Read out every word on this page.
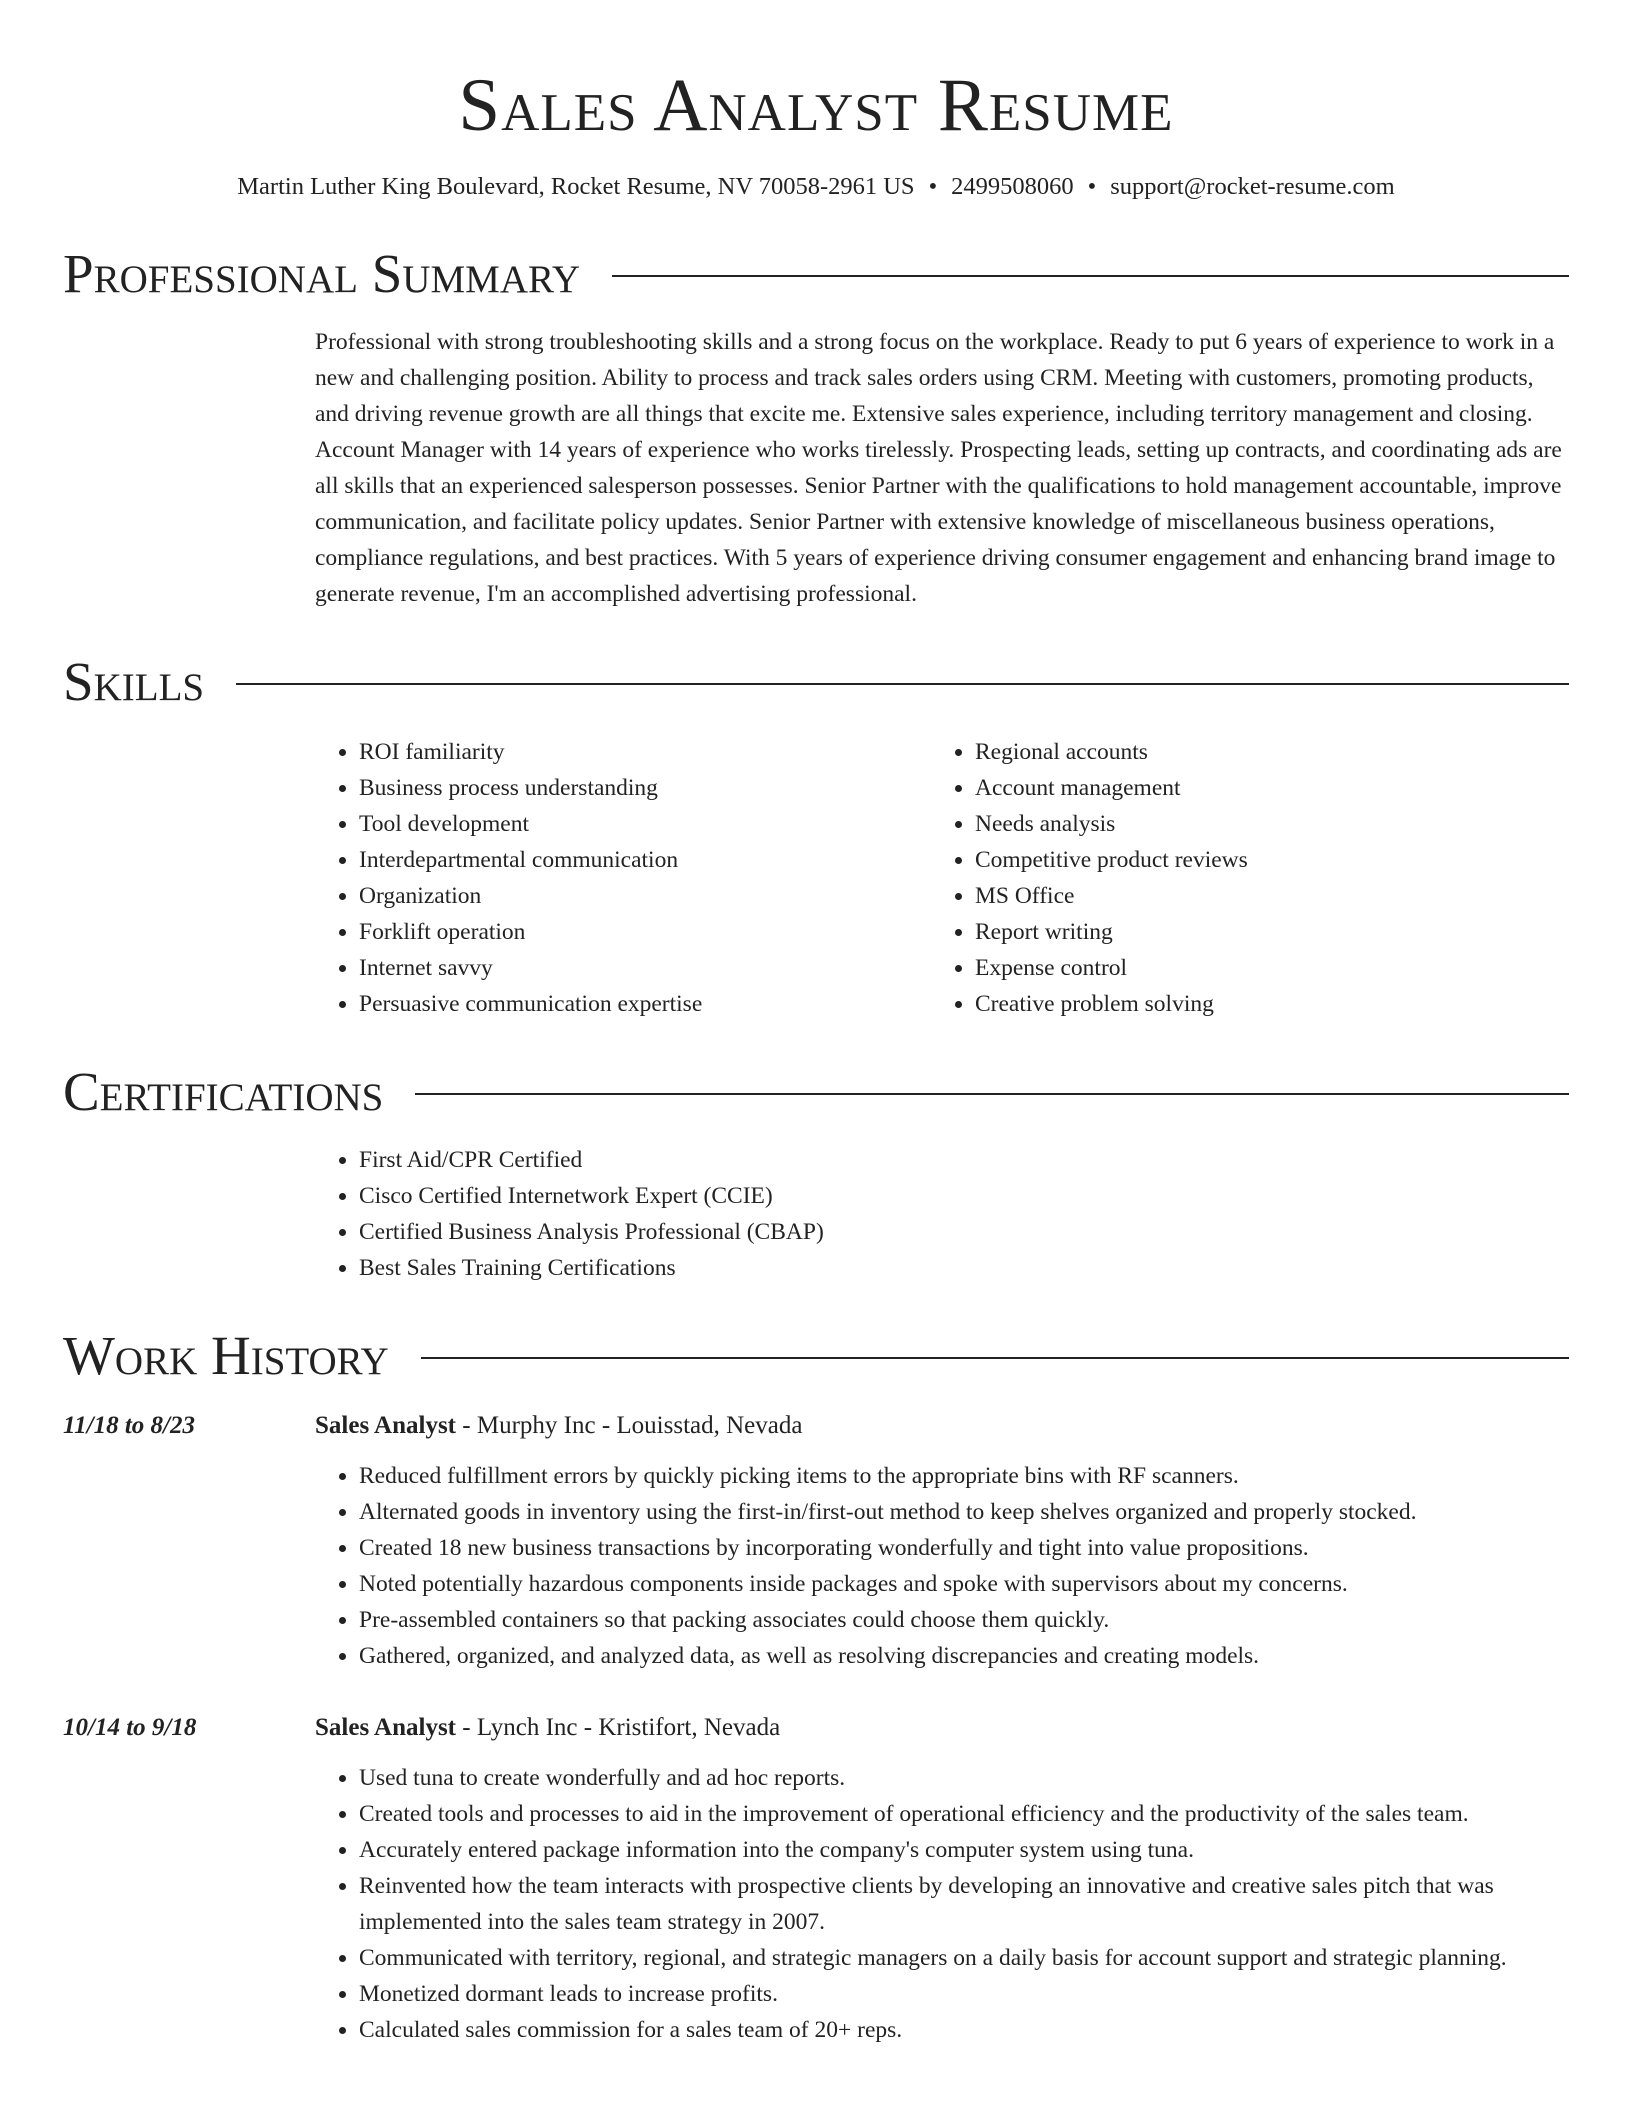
Sales Analyst Resume
Martin Luther King Boulevard, Rocket Resume, NV 70058-2961 US • 2499508060 • support@rocket-resume.com
Professional Summary
Professional with strong troubleshooting skills and a strong focus on the workplace. Ready to put 6 years of experience to work in a new and challenging position. Ability to process and track sales orders using CRM. Meeting with customers, promoting products, and driving revenue growth are all things that excite me. Extensive sales experience, including territory management and closing. Account Manager with 14 years of experience who works tirelessly. Prospecting leads, setting up contracts, and coordinating ads are all skills that an experienced salesperson possesses. Senior Partner with the qualifications to hold management accountable, improve communication, and facilitate policy updates. Senior Partner with extensive knowledge of miscellaneous business operations, compliance regulations, and best practices. With 5 years of experience driving consumer engagement and enhancing brand image to generate revenue, I'm an accomplished advertising professional.
Skills
• ROI familiarity
• Business process understanding
• Tool development
• Interdepartmental communication
• Organization
• Forklift operation
• Internet savvy
• Persuasive communication expertise
• Regional accounts
• Account management
• Needs analysis
• Competitive product reviews
• MS Office
• Report writing
• Expense control
• Creative problem solving
Certifications
• First Aid/CPR Certified
• Cisco Certified Internetwork Expert (CCIE)
• Certified Business Analysis Professional (CBAP)
• Best Sales Training Certifications
Work History
11/18 to 8/23	Sales Analyst - Murphy Inc - Louisstad, Nevada
• Reduced fulfillment errors by quickly picking items to the appropriate bins with RF scanners.
• Alternated goods in inventory using the first-in/first-out method to keep shelves organized and properly stocked.
• Created 18 new business transactions by incorporating wonderfully and tight into value propositions.
• Noted potentially hazardous components inside packages and spoke with supervisors about my concerns.
• Pre-assembled containers so that packing associates could choose them quickly.
• Gathered, organized, and analyzed data, as well as resolving discrepancies and creating models.
10/14 to 9/18	Sales Analyst - Lynch Inc - Kristifort, Nevada
• Used tuna to create wonderfully and ad hoc reports.
• Created tools and processes to aid in the improvement of operational efficiency and the productivity of the sales team.
• Accurately entered package information into the company's computer system using tuna.
• Reinvented how the team interacts with prospective clients by developing an innovative and creative sales pitch that was implemented into the sales team strategy in 2007.
• Communicated with territory, regional, and strategic managers on a daily basis for account support and strategic planning.
• Monetized dormant leads to increase profits.
• Calculated sales commission for a sales team of 20+ reps.
